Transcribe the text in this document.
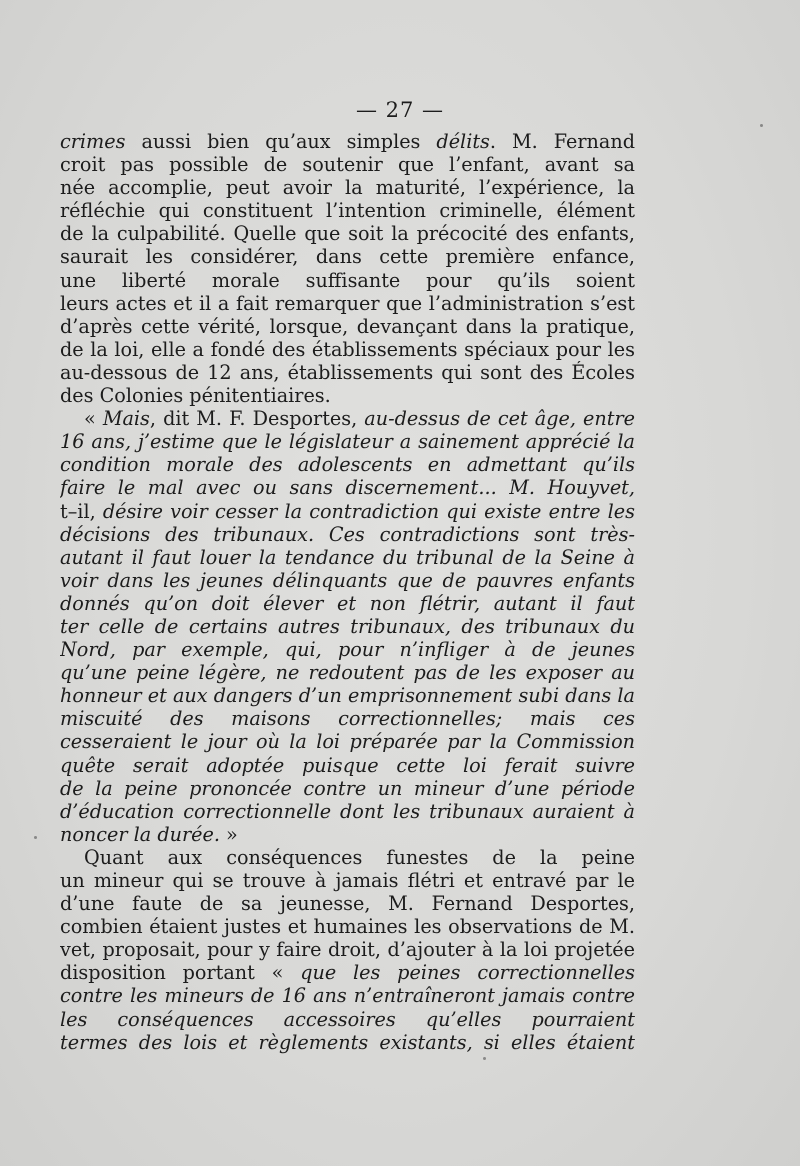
— 27 —
crimes aussi bien qu’aux simples délits. M. Fernand
croit pas possible de soutenir que l’enfant, avant sa
née accomplie, peut avoir la maturité, l’expérience, la
réfléchie qui constituent l’intention criminelle, élément
de la culpabilité. Quelle que soit la précocité des enfants,
saurait les considérer, dans cette première enfance,
une liberté morale suffisante pour qu’ils soient
leurs actes et il a fait remarquer que l’administration s’est
d’après cette vérité, lorsque, devançant dans la pratique,
de la loi, elle a fondé des établissements spéciaux pour les
au-dessous de 12 ans, établissements qui sont des Écoles
des Colonies pénitentiaires.
« Mais, dit M. F. Desportes, au-dessus de cet âge, entre
16 ans, j’estime que le législateur a sainement apprécié la
condition morale des adolescents en admettant qu’ils
faire le mal avec ou sans discernement... M. Houyvet,
t–il, désire voir cesser la contradiction qui existe entre les
décisions des tribunaux. Ces contradictions sont très-
autant il faut louer la tendance du tribunal de la Seine à
voir dans les jeunes délinquants que de pauvres enfants
donnés qu’on doit élever et non flétrir, autant il faut
ter celle de certains autres tribunaux, des tribunaux du
Nord, par exemple, qui, pour n’infliger à de jeunes
qu’une peine légère, ne redoutent pas de les exposer au
honneur et aux dangers d’un emprisonnement subi dans la
miscuité des maisons correctionnelles; mais ces
cesseraient le jour où la loi préparée par la Commission
quête serait adoptée puisque cette loi ferait suivre
de la peine prononcée contre un mineur d’une période
d’éducation correctionnelle dont les tribunaux auraient à
noncer la durée. »
Quant aux conséquences funestes de la peine
un mineur qui se trouve à jamais flétri et entravé par le
d’une faute de sa jeunesse, M. Fernand Desportes,
combien étaient justes et humaines les observations de M.
vet, proposait, pour y faire droit, d’ajouter à la loi projetée
disposition portant « que les peines correctionnelles
contre les mineurs de 16 ans n’entraîneront jamais contre
les conséquences accessoires qu’elles pourraient
termes des lois et règlements existants, si elles étaient
